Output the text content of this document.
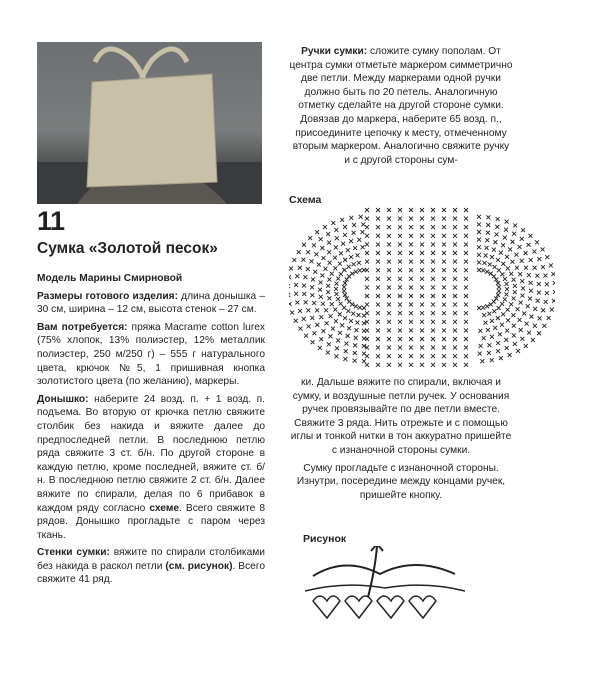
11
Сумка «Золотой песок»

Модель Марины Смирновой

Размеры готового изделия: длина донышка – 30 см, ширина – 12 см, высота стенок – 27 см.

Вам потребуется: пряжа Macrame cotton lurex (75% хлопок, 13% полиэстер, 12% металлик полиэстер, 250 м/250 г) – 555 г натурального цвета, крючок №5, 1 пришивная кнопка золотистого цвета (по желанию), маркеры.

Донышко: наберите 24 возд. п. + 1 возд. п. подъема. Во вторую от крючка петлю свяжите столбик без накида и вяжите далее до предпоследней петли. В последнюю петлю ряда свяжите 3 ст. б/н. По другой стороне в каждую петлю, кроме последней, вяжите ст. б/н. В последнюю петлю свяжите 2 ст. б/н. Далее вяжите по спирали, делая по 6 прибавок в каждом ряду согласно схеме. Всего свяжите 8 рядов. Донышко прогладьте с паром через ткань.

Стенки сумки: вяжите по спирали столбиками без накида в раскол петли (см. рисунок). Всего свяжите 41 ряд.

Ручки сумки: сложите сумку пополам. От центра сумки отметьте маркером симметрично две петли. Между маркерами одной ручки должно быть по 20 петель. Аналогичную отметку сделайте на другой стороне сумки. Довязав до маркера, наберите 65 возд. п., присоедините цепочку к месту, отмеченному вторым маркером. Аналогично свяжите ручку и с другой стороны сум-
Схема

ки. Дальше вяжите по спирали, включая и сумку, и воздушные петли ручек. У основания ручек провязывайте по две петли вместе. Свяжите 3 ряда. Нить отрежьте и с помощью иглы и тонкой нитки в тон аккуратно пришейте с изнаночной стороны сумки.

Сумку прогладьте с изнаночной стороны. Изнутри, посередине между концами ручек, пришейте кнопку.

Рисунок
